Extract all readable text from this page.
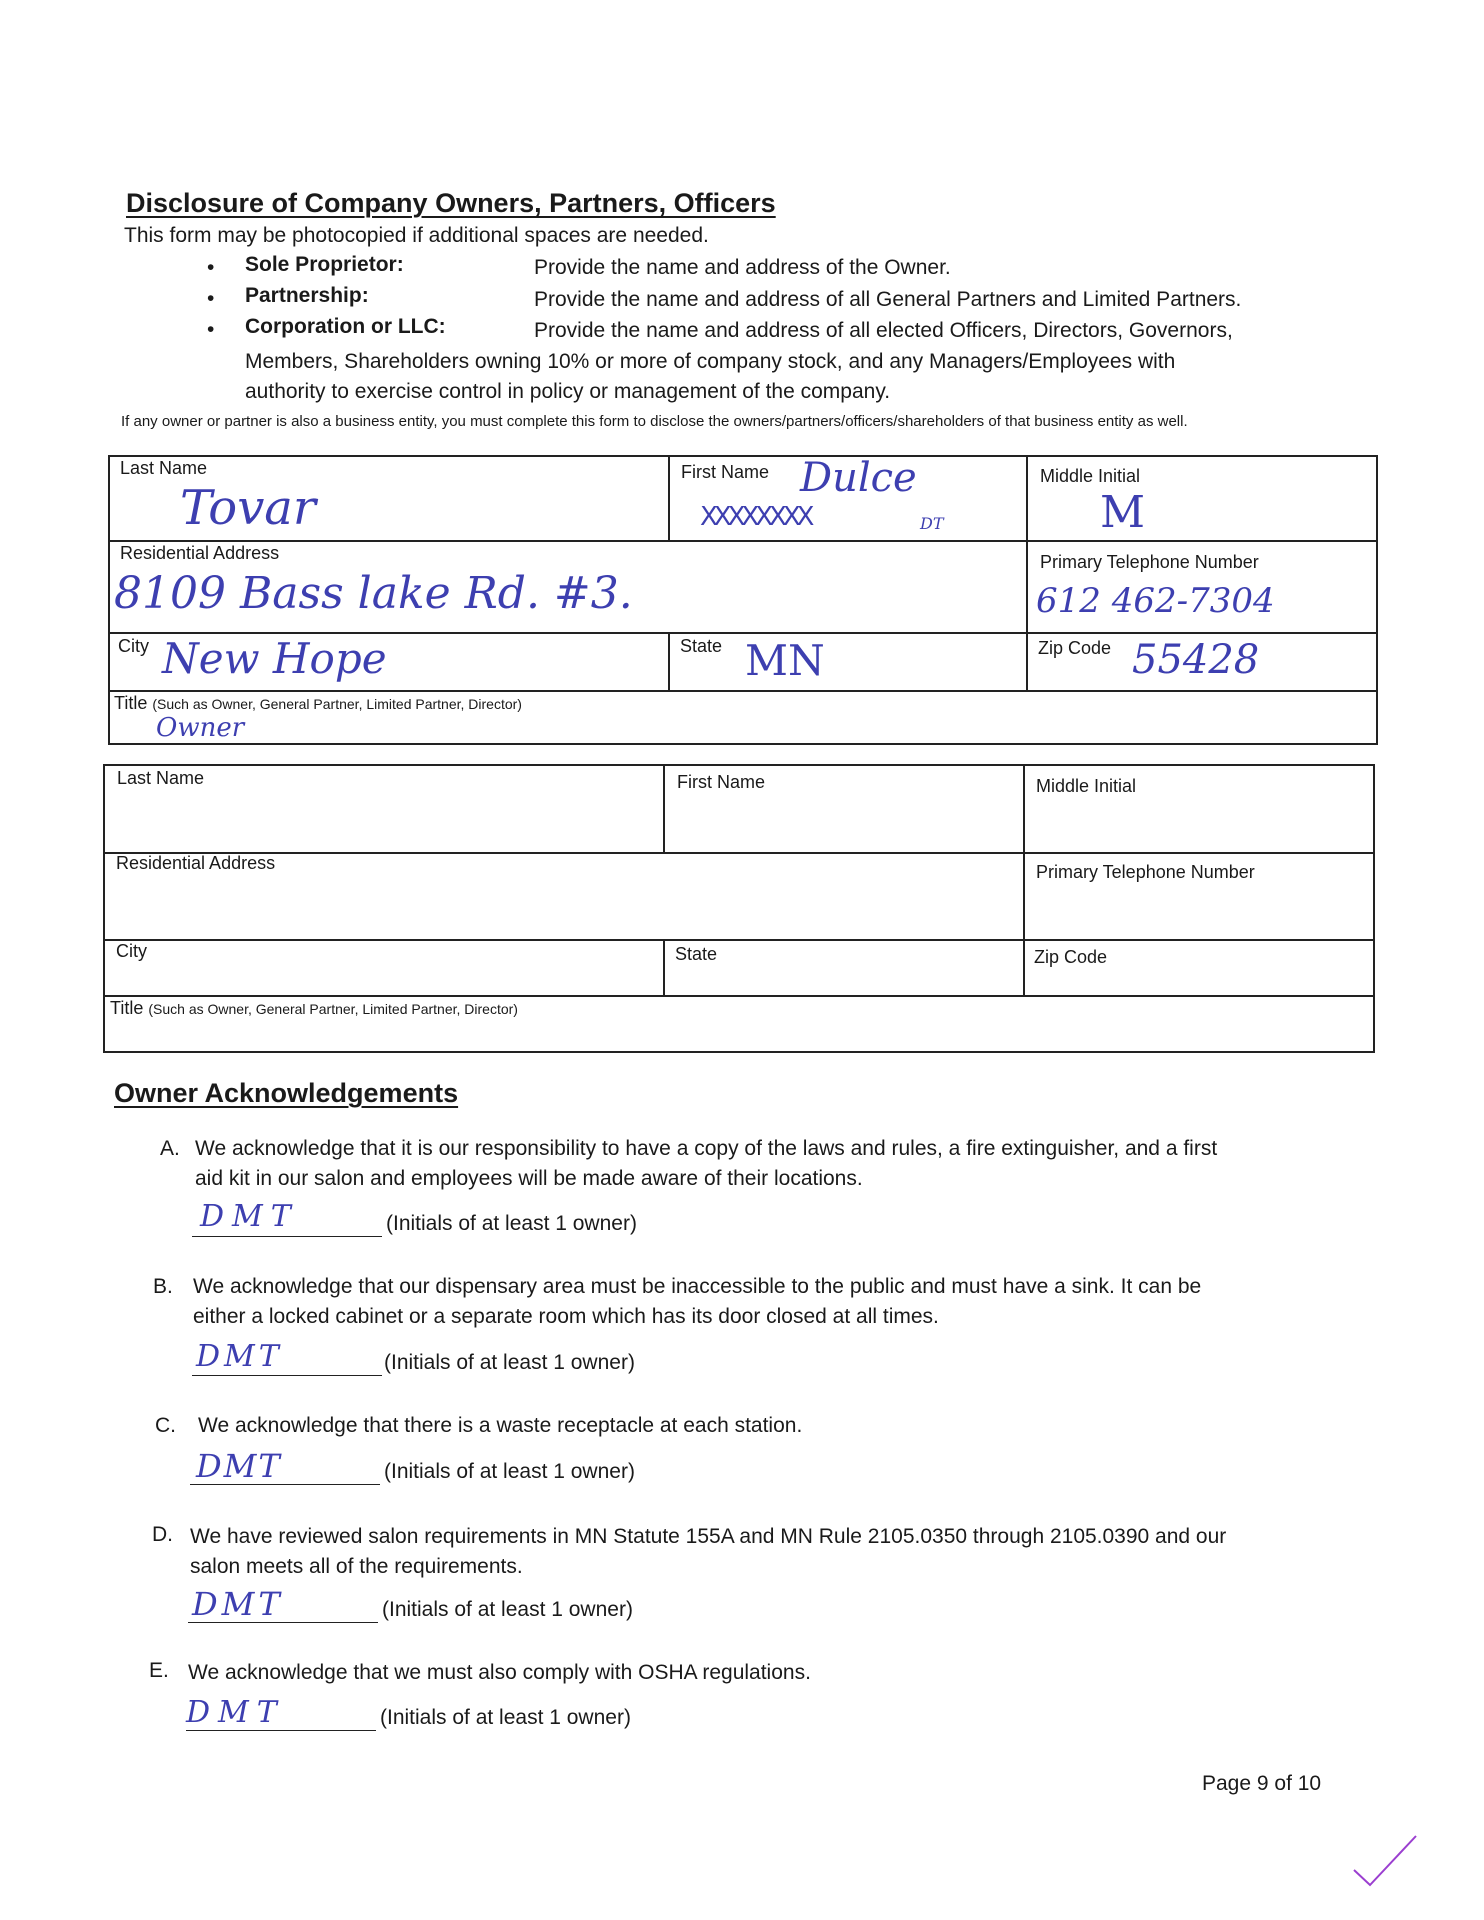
Disclosure of Company Owners, Partners, Officers
This form may be photocopied if additional spaces are needed.
• Sole Proprietor:	Provide the name and address of the Owner.
• Partnership:	Provide the name and address of all General Partners and Limited Partners.
• Corporation or LLC:	Provide the name and address of all elected Officers, Directors, Governors,
Members, Shareholders owning 10% or more of company stock, and any Managers/Employees with
authority to exercise control in policy or management of the company.
If any owner or partner is also a business entity, you must complete this form to disclose the owners/partners/officers/shareholders of that business entity as well.
Last Name
Tovar
First Name Dulce
XXXXXXXX	DT
Middle Initial
M
Residential Address
8109 Bass lake Rd. #3.
Primary Telephone Number
612 462-7304
City New Hope	State MN	Zip Code 55428
Title (Such as Owner, General Partner, Limited Partner, Director)
Owner
Last Name	First Name	Middle Initial
Residential Address	Primary Telephone Number
City	State	Zip Code
Title (Such as Owner, General Partner, Limited Partner, Director)
Owner Acknowledgements
A. We acknowledge that it is our responsibility to have a copy of the laws and rules, a fire extinguisher, and a first
aid kit in our salon and employees will be made aware of their locations.
DMT	(Initials of at least 1 owner)
B. We acknowledge that our dispensary area must be inaccessible to the public and must have a sink. It can be
either a locked cabinet or a separate room which has its door closed at all times.
DMT	(Initials of at least 1 owner)
C. We acknowledge that there is a waste receptacle at each station.
DMT	(Initials of at least 1 owner)
D. We have reviewed salon requirements in MN Statute 155A and MN Rule 2105.0350 through 2105.0390 and our
salon meets all of the requirements.
DMT	(Initials of at least 1 owner)
E. We acknowledge that we must also comply with OSHA regulations.
DMT	(Initials of at least 1 owner)
Page 9 of 10
